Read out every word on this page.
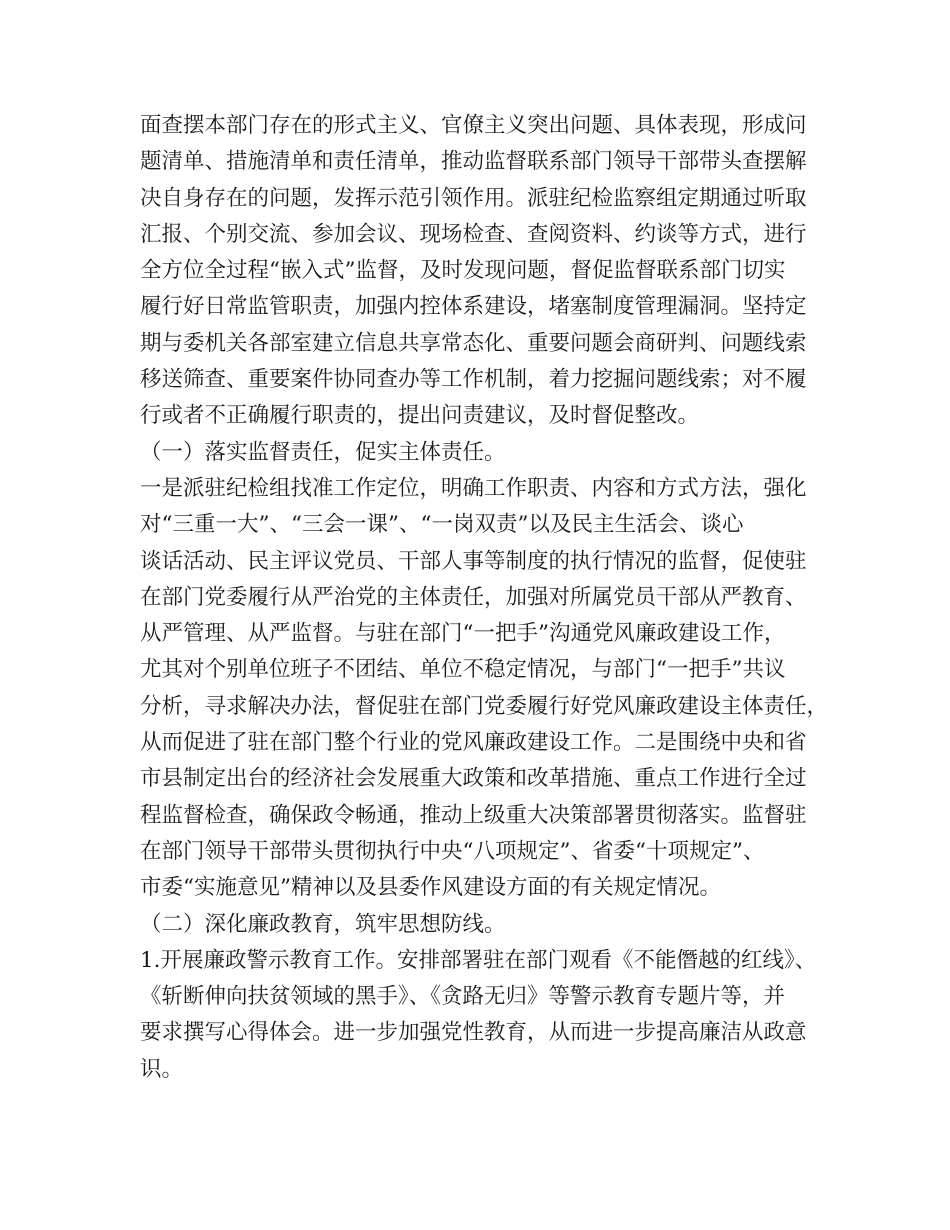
面查摆本部门存在的形式主义、官僚主义突出问题、具体表现，形成问
题清单、措施清单和责任清单，推动监督联系部门领导干部带头查摆解
决自身存在的问题，发挥示范引领作用。派驻纪检监察组定期通过听取
汇报、个别交流、参加会议、现场检查、查阅资料、约谈等方式，进行
全方位全过程“嵌入式”监督，及时发现问题，督促监督联系部门切实
履行好日常监管职责，加强内控体系建设，堵塞制度管理漏洞。坚持定
期与委机关各部室建立信息共享常态化、重要问题会商研判、问题线索
移送筛查、重要案件协同查办等工作机制，着力挖掘问题线索；对不履
行或者不正确履行职责的，提出问责建议，及时督促整改。
（一）落实监督责任，促实主体责任。
一是派驻纪检组找准工作定位，明确工作职责、内容和方式方法，强化
对“三重一大”、“三会一课”、“一岗双责”以及民主生活会、谈心
谈话活动、民主评议党员、干部人事等制度的执行情况的监督，促使驻
在部门党委履行从严治党的主体责任，加强对所属党员干部从严教育、
从严管理、从严监督。与驻在部门“一把手”沟通党风廉政建设工作，
尤其对个别单位班子不团结、单位不稳定情况，与部门“一把手”共议
分析，寻求解决办法，督促驻在部门党委履行好党风廉政建设主体责任，
从而促进了驻在部门整个行业的党风廉政建设工作。二是围绕中央和省
市县制定出台的经济社会发展重大政策和改革措施、重点工作进行全过
程监督检查，确保政令畅通，推动上级重大决策部署贯彻落实。监督驻
在部门领导干部带头贯彻执行中央“八项规定”、省委“十项规定”、
市委“实施意见”精神以及县委作风建设方面的有关规定情况。
（二）深化廉政教育，筑牢思想防线。
1.开展廉政警示教育工作。安排部署驻在部门观看《不能僭越的红线》、
《斩断伸向扶贫领域的黑手》、《贪路无归》等警示教育专题片等，并
要求撰写心得体会。进一步加强党性教育，从而进一步提高廉洁从政意
识。
